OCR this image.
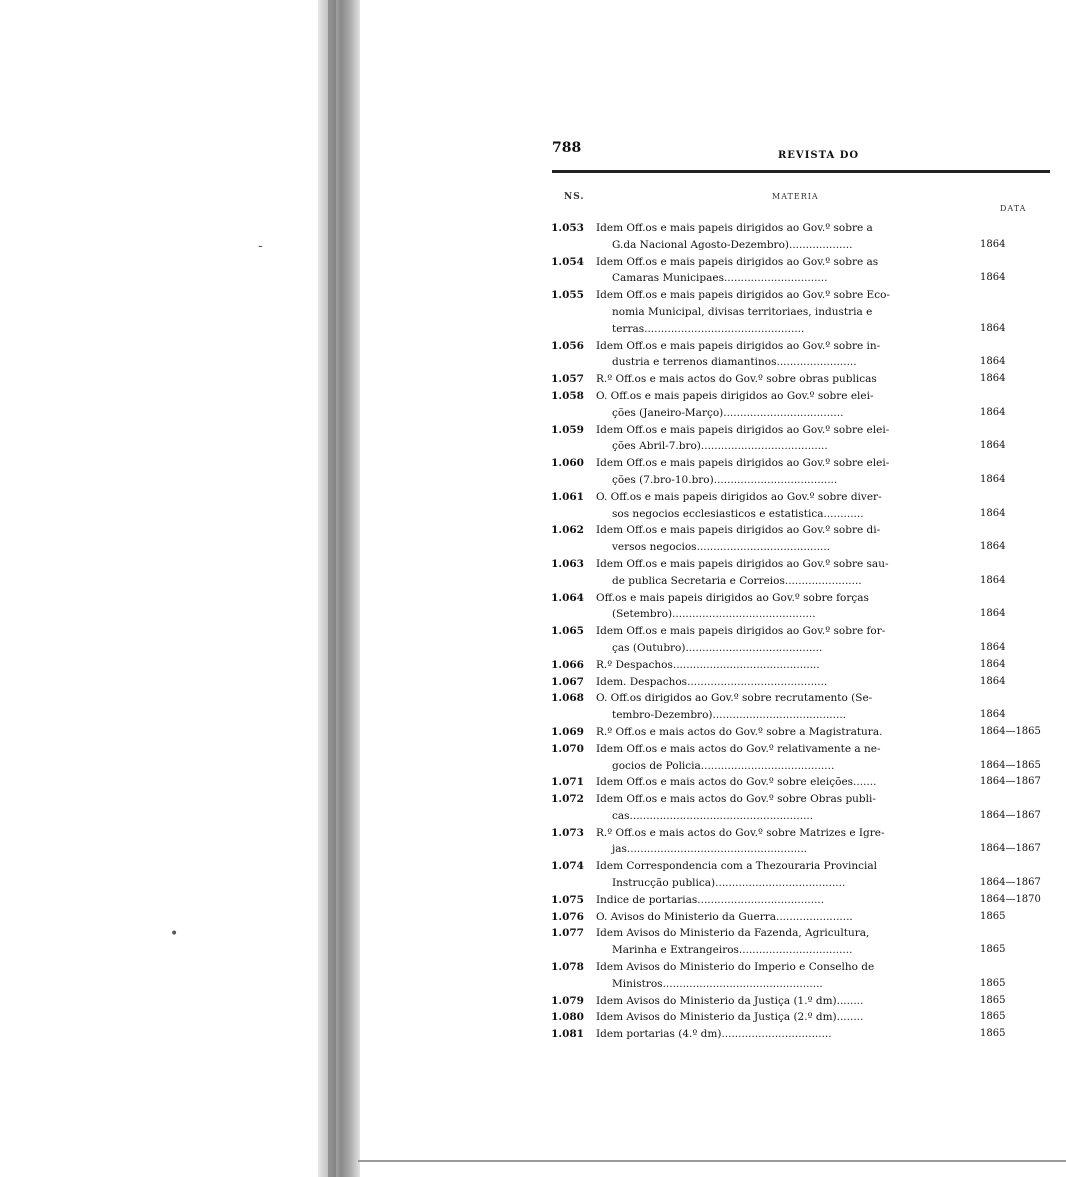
-
•
788	REVISTA DO
NS.	MATERIA
DATA
1.053 Idem Off.os e mais papeis dirigidos ao Gov.º sobre a
G.da Nacional Agosto-Dezembro)...................	1864
1.054 Idem Off.os e mais papeis dirigidos ao Gov.º sobre as
Camaras Municipaes...............................	1864
1.055 Idem Off.os e mais papeis dirigidos ao Gov.º sobre Eco-
nomia Municipal, divisas territoriaes, industria e
terras................................................	1864
1.056 Idem Off.os e mais papeis dirigidos ao Gov.º sobre in-
dustria e terrenos diamantinos........................	1864
1.057 R.º Off.os e mais actos do Gov.º sobre obras publicas	1864
1.058 O. Off.os e mais papeis dirigidos ao Gov.º sobre elei-
ções (Janeiro-Março)....................................	1864
1.059 Idem Off.os e mais papeis dirigidos ao Gov.º sobre elei-
ções Abril-7.bro)......................................	1864
1.060 Idem Off.os e mais papeis dirigidos ao Gov.º sobre elei-
ções (7.bro-10.bro).....................................	1864
1.061 O. Off.os e mais papeis dirigidos ao Gov.º sobre diver-
sos negocios ecclesiasticos e estatistica............	1864
1.062 Idem Off.os e mais papeis dirigidos ao Gov.º sobre di-
versos negocios........................................	1864
1.063 Idem Off.os e mais papeis dirigidos ao Gov.º sobre sau-
de publica Secretaria e Correios.......................	1864
1.064 Off.os e mais papeis dirigidos ao Gov.º sobre forças
(Setembro)...........................................	1864
1.065 Idem Off.os e mais papeis dirigidos ao Gov.º sobre for-
ças (Outubro).........................................	1864
1.066 R.º Despachos............................................	1864
1.067 Idem. Despachos..........................................	1864
1.068 O. Off.os dirigidos ao Gov.º sobre recrutamento (Se-
tembro-Dezembro)........................................	1864
1.069 R.º Off.os e mais actos do Gov.º sobre a Magistratura.	1864—1865
1.070 Idem Off.os e mais actos do Gov.º relativamente a ne-
gocios de Policia........................................	1864—1865
1.071 Idem Off.os e mais actos do Gov.º sobre eleições.......	1864—1867
1.072 Idem Off.os e mais actos do Gov.º sobre Obras publi-
cas.......................................................	1864—1867
1.073 R.º Off.os e mais actos do Gov.º sobre Matrizes e Igre-
jas......................................................	1864—1867
1.074 Idem Correspondencia com a Thezouraria Provincial
Instrucção publica).......................................	1864—1867
1.075 Indice de portarias......................................	1864—1870
1.076 O. Avisos do Ministerio da Guerra.......................	1865
1.077 Idem Avisos do Ministerio da Fazenda, Agricultura,
Marinha e Extrangeiros..................................	1865
1.078 Idem Avisos do Ministerio do Imperio e Conselho de
Ministros................................................	1865
1.079 Idem Avisos do Ministerio da Justiça (1.º dm)........	1865
1.080 Idem Avisos do Ministerio da Justiça (2.º dm)........	1865
1.081 Idem portarias (4.º dm).................................	1865
